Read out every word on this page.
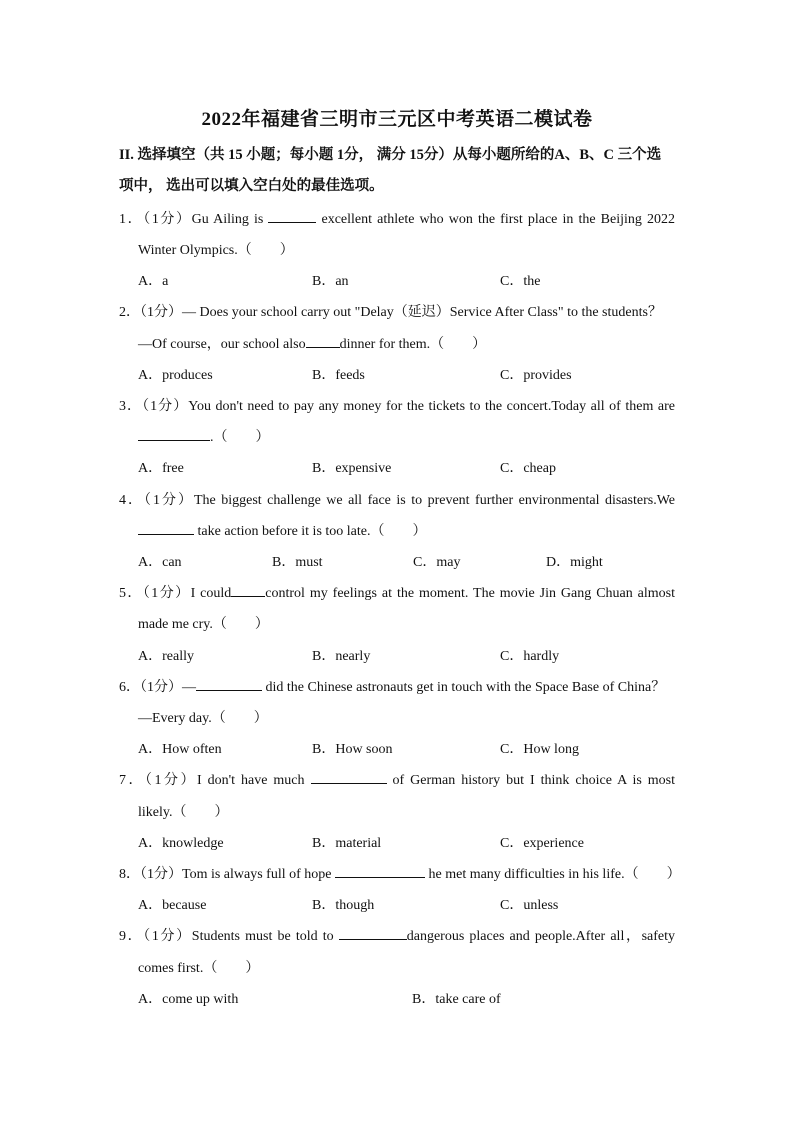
2022年福建省三明市三元区中考英语二模试卷
II. 选择填空（共 15 小题；每小题 1分， 满分 15分）从每小题所给的A、B、C 三个选
项中， 选出可以填入空白处的最佳选项。
1．（1分）Gu Ailing is	excellent athlete who won the first place in the Beijing 2022
Winter Olympics.（　　）
A．a	B．an	C．the
2．（1分）— Does your school carry out "Delay（延迟）Service After Class" to the students？
—Of course，our school also dinner for them.（　　）
A．produces	B．feeds	C．provides
3．（1分）You don't need to pay any money for the tickets to the concert.Today all of them are
.（　　）
A．free	B．expensive	C．cheap
4．（1分）The biggest challenge we all face is to prevent further environmental disasters.We
take action before it is too late.（　　）
A．can	B．must	C．may	D．might
5．（1分）I could control my feelings at the moment. The movie Jin Gang Chuan almost
made me cry.（　　）
A．really	B．nearly	C．hardly
6．（1分）—	did the Chinese astronauts get in touch with the Space Base of China？
—Every day.（　　）
A．How often	B．How soon	C．How long
7．（1分）I don't have much	of German history but I think choice A is most
likely.（　　）
A．knowledge	B．material	C．experience
8．（1分）Tom is always full of hope	he met many difficulties in his life.（　　）
A．because	B．though	C．unless
9．（1分）Students must be told to	dangerous places and people.After all，safety
comes first.（　　）
A．come up with	B．take care of
